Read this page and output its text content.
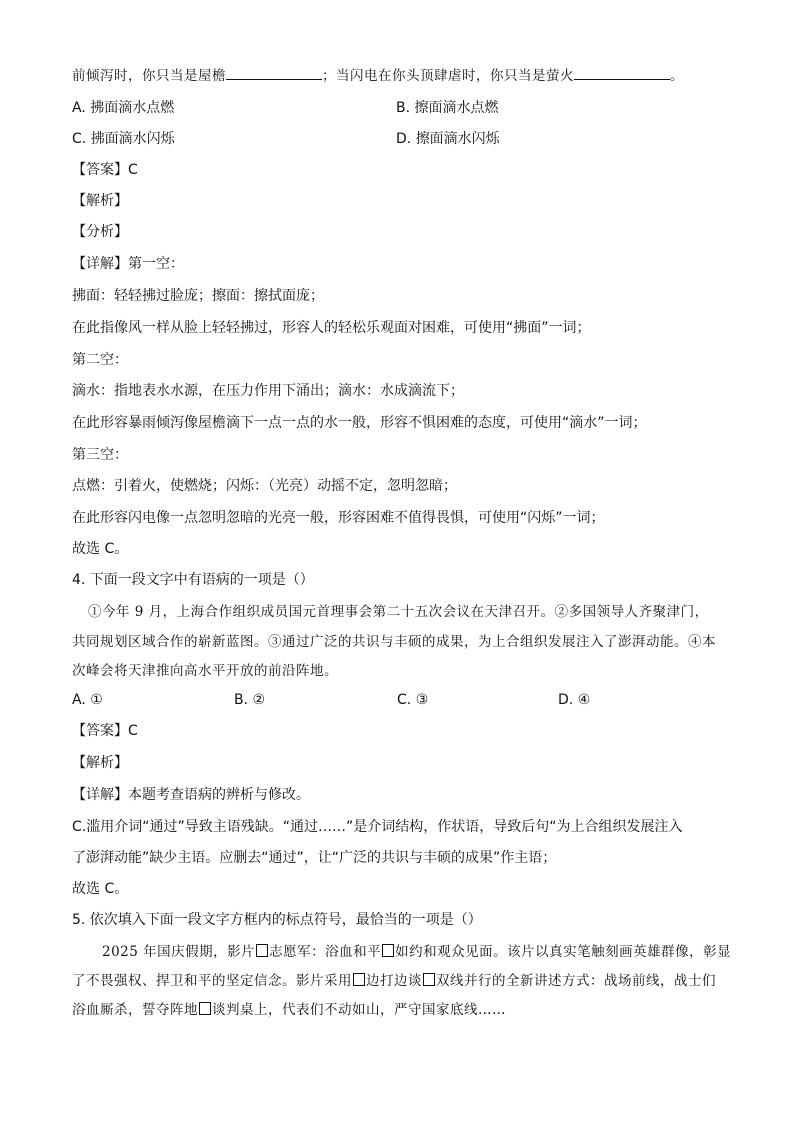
前倾泻时，你只当是屋檐	；当闪电在你头顶肆虐时，你只当是萤火	。
A. 拂面滴水点燃	B. 擦面滴水点燃
C. 拂面滴水闪烁	D. 擦面滴水闪烁
【答案】C
【解析】
【分析】
【详解】第一空：
拂面：轻轻拂过脸庞；擦面：擦拭面庞；
在此指像风一样从脸上轻轻拂过，形容人的轻松乐观面对困难，可使用“拂面”一词；
第二空：
滴水：指地表水水源，在压力作用下涌出；滴水：水成滴流下；
在此形容暴雨倾泻像屋檐滴下一点一点的水一般，形容不惧困难的态度，可使用“滴水”一词；
第三空：
点燃：引着火，使燃烧；闪烁：（光亮）动摇不定，忽明忽暗；
在此形容闪电像一点忽明忽暗的光亮一般，形容困难不值得畏惧，可使用“闪烁”一词；
故选 C。
4. 下面一段文字中有语病的一项是（）
①今年 9 月，上海合作组织成员国元首理事会第二十五次会议在天津召开。②多国领导人齐聚津门，
共同规划区域合作的崭新蓝图。③通过广泛的共识与丰硕的成果，为上合组织发展注入了澎湃动能。④本
次峰会将天津推向高水平开放的前沿阵地。
A. ①	B. ②	C. ③	D. ④
【答案】C
【解析】
【详解】本题考查语病的辨析与修改。
C.滥用介词“通过”导致主语残缺。“通过……”是介词结构，作状语，导致后句“为上合组织发展注入
了澎湃动能”缺少主语。应删去“通过”，让“广泛的共识与丰硕的成果”作主语；
故选 C。
5. 依次填入下面一段文字方框内的标点符号，最恰当的一项是（）
2025 年国庆假期，影片 志愿军：浴血和平 如约和观众见面。该片以真实笔触刻画英雄群像，彰显
了不畏强权、捍卫和平的坚定信念。影片采用 边打边谈 双线并行的全新讲述方式：战场前线，战士们
浴血厮杀，誓夺阵地 谈判桌上，代表们不动如山，严守国家底线……
